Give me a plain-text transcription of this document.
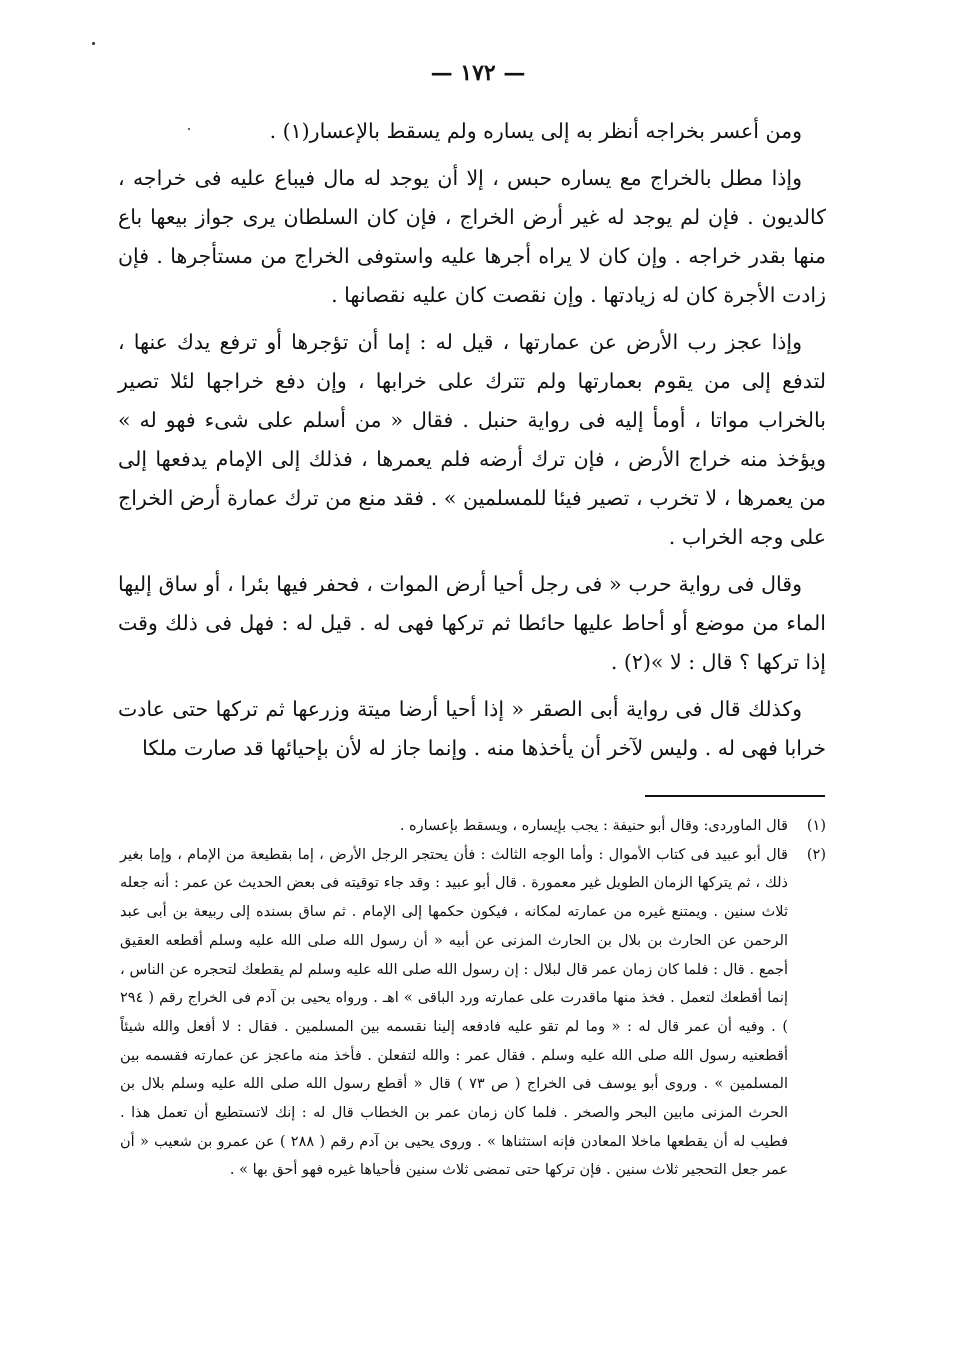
— ١٧٢ —

ومن أعسر بخراجه أنظر به إلى يساره ولم يسقط بالإعسار(١) .

وإذا مطل بالخراج مع يساره حبس ، إلا أن يوجد له مال فيباع عليه فى خراجه ، كالديون . فإن لم يوجد له غير أرض الخراج ، فإن كان السلطان يرى جواز بيعها باع منها بقدر خراجه . وإن كان لا يراه أجرها عليه واستوفى الخراج من مستأجرها . فإن زادت الأجرة كان له زيادتها . وإن نقصت كان عليه نقصانها .

وإذا عجز رب الأرض عن عمارتها ، قيل له : إما أن تؤجرها أو ترفع يدك عنها ، لتدفع إلى من يقوم بعمارتها ولم تترك على خرابها ، وإن دفع خراجها لئلا تصير بالخراب مواتا ، أومأ إليه فى رواية حنبل . فقال « من أسلم على شىء فهو له » ويؤخذ منه خراج الأرض ، فإن ترك أرضه فلم يعمرها ، فذلك إلى الإمام يدفعها إلى من يعمرها ، لا تخرب ، تصير فيئا للمسلمين » . فقد منع من ترك عمارة أرض الخراج على وجه الخراب .

وقال فى رواية حرب « فى رجل أحيا أرض الموات ، فحفر فيها بئرا ، أو ساق إليها الماء من موضع أو أحاط عليها حائطا ثم تركها فهى له . قيل له : فهل فى ذلك وقت إذا تركها ؟ قال : لا »(٢) .

وكذلك قال فى رواية أبى الصقر « إذا أحيا أرضا ميتة وزرعها ثم تركها حتى عادت خرابا فهى له . وليس لآخر أن يأخذها منه . وإنما جاز له لأن بإحيائها قد صارت ملكا

(١)
قال الماوردى: وقال أبو حنيفة : يجب بإيساره ، ويسقط بإعساره .

(٢)
قال أبو عبيد فى كتاب الأموال : وأما الوجه الثالث : فأن يحتجر الرجل الأرض ، إما بقطيعة من الإمام ، وإما بغير ذلك ، ثم يتركها الزمان الطويل غير معمورة . قال أبو عبيد : وقد جاء توقيته فى بعض الحديث عن عمر : أنه جعله ثلاث سنين . ويمتنع غيره من عمارته لمكانه ، فيكون حكمها إلى الإمام . ثم ساق بسنده إلى ربيعة بن أبى عبد الرحمن عن الحارث بن بلال بن الحارث المزنى عن أبيه « أن رسول الله صلى الله عليه وسلم أقطعه العقيق أجمع . قال : فلما كان زمان عمر قال لبلال : إن رسول الله صلى الله عليه وسلم لم يقطعك لتحجره عن الناس ، إنما أقطعك لتعمل . فخذ منها ماقدرت على عمارته ورد الباقى » اهـ . ورواه يحيى بن آدم فى الخراج رقم ( ٢٩٤ ) . وفيه أن عمر قال له : « وما لم تقو عليه فادفعه إلينا نقسمه بين المسلمين . فقال : لا أفعل والله شيئاً أقطعنيه رسول الله صلى الله عليه وسلم . فقال عمر : والله لتفعلن . فأخذ منه ماعجز عن عمارته فقسمه بين المسلمين » . وروى أبو يوسف فى الخراج ( ص ٧٣ ) قال « أقطع رسول الله صلى الله عليه وسلم بلال بن الحرث المزنى مابين البحر والصخر . فلما كان زمان عمر بن الخطاب قال له : إنك لاتستطيع أن تعمل هذا . فطيب له أن يقطعها ماخلا المعادن فإنه استثناها » . وروى يحيى بن آدم رقم ( ٢٨٨ ) عن عمرو بن شعيب « أن عمر جعل التحجير ثلاث سنين . فإن تركها حتى تمضى ثلاث سنين فأحياها غيره فهو أحق بها » .
